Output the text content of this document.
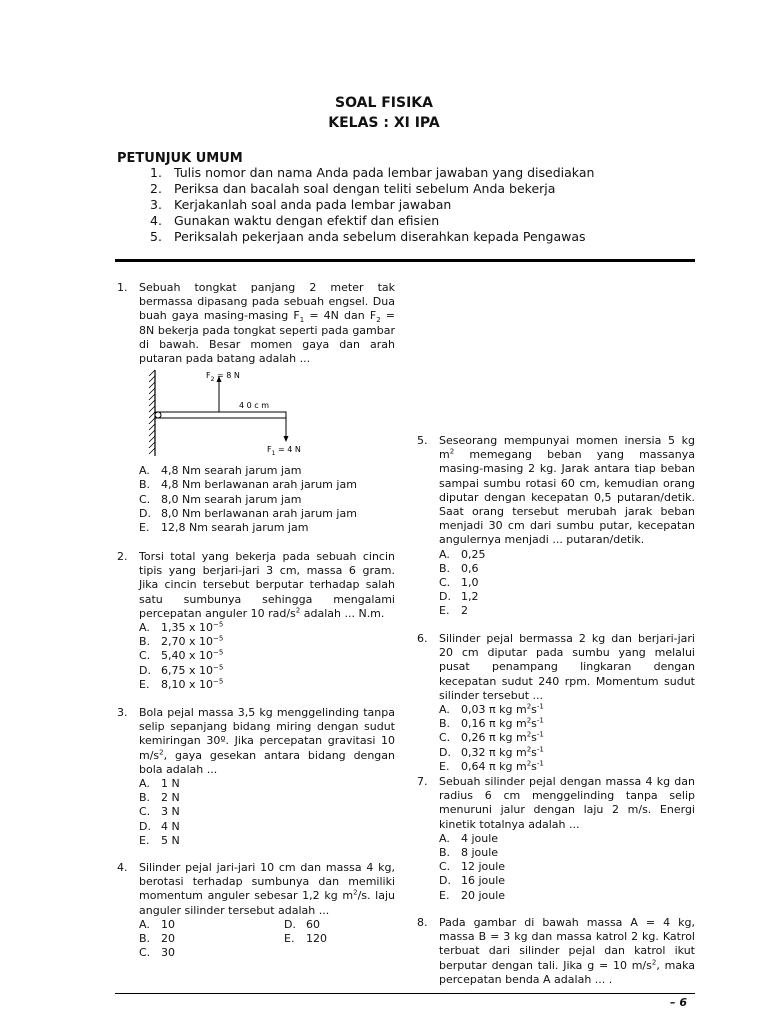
SOAL FISIKA
KELAS : XI IPA
PETUNJUK UMUM
1. Tulis nomor dan nama Anda pada lembar jawaban yang disediakan
2. Periksa dan bacalah soal dengan teliti sebelum Anda bekerja
3. Kerjakanlah soal anda pada lembar jawaban
4. Gunakan waktu dengan efektif dan efisien
5. Periksalah pekerjaan anda sebelum diserahkan kepada Pengawas
1. Sebuah tongkat panjang 2 meter tak bermassa dipasang pada sebuah engsel. Dua buah gaya masing-masing $F_1 = 4N$ dan $F_2 = 8N$ bekerja pada tongkat seperti pada gambar di bawah. Besar momen gaya dan arah putaran pada batang adalah ...
$F_2 = 8$ N
4 0 c m
$F_1 = 4$ N
A. 4,8 Nm searah jarum jam
B. 4,8 Nm berlawanan arah jarum jam
C. 8,0 Nm searah jarum jam
D. 8,0 Nm berlawanan arah jarum jam
E. 12,8 Nm searah jarum jam
2. Torsi total yang bekerja pada sebuah cincin tipis yang berjari-jari 3 cm, massa 6 gram. Jika cincin tersebut berputar terhadap salah satu sumbunya sehingga mengalami percepatan anguler 10 rad/$s^2$ adalah ... N.m.
A. 1,35 x $10^{-5}$
B. 2,70 x $10^{-5}$
C. 5,40 x $10^{-5}$
D. 6,75 x $10^{-5}$
E. 8,10 x $10^{-5}$
3. Bola pejal massa 3,5 kg menggelinding tanpa selip sepanjang bidang miring dengan sudut kemiringan 30º. Jika percepatan gravitasi 10 $m/s^2$, gaya gesekan antara bidang dengan bola adalah ...
A. 1 N
B. 2 N
C. 3 N
D. 4 N
E. 5 N
4. Silinder pejal jari-jari 10 cm dan massa 4 kg, berotasi terhadap sumbunya dan memiliki momentum anguler sebesar 1,2 kg $m^2/s$. laju anguler silinder tersebut adalah ...
A. 10	D. 60
B. 20	E. 120
C. 30
5. Seseorang mempunyai momen inersia 5 kg $m^2$ memegang beban yang massanya masing-masing 2 kg. Jarak antara tiap beban sampai sumbu rotasi 60 cm, kemudian orang diputar dengan kecepatan 0,5 putaran/detik. Saat orang tersebut merubah jarak beban menjadi 30 cm dari sumbu putar, kecepatan angulernya menjadi ... putaran/detik.
A. 0,25
B. 0,6
C. 1,0
D. 1,2
E. 2
6. Silinder pejal bermassa 2 kg dan berjari-jari 20 cm diputar pada sumbu yang melalui pusat penampang lingkaran dengan kecepatan sudut 240 rpm. Momentum sudut silinder tersebut ...
A. 0,03 π kg $m^2s^{-1}$
B. 0,16 π kg $m^2s^{-1}$
C. 0,26 π kg $m^2s^{-1}$
D. 0,32 π kg $m^2s^{-1}$
E. 0,64 π kg $m^2s^{-1}$
7. Sebuah silinder pejal dengan massa 4 kg dan radius 6 cm menggelinding tanpa selip menuruni jalur dengan laju 2 m/s. Energi kinetik totalnya adalah ...
A. 4 joule
B. 8 joule
C. 12 joule
D. 16 joule
E. 20 joule
8. Pada gambar di bawah massa A = 4 kg, massa B = 3 kg dan massa katrol 2 kg. Katrol terbuat dari silinder pejal dan katrol ikut berputar dengan tali. Jika g = 10 $m/s^2$, maka percepatan benda A adalah ... .
– 6
